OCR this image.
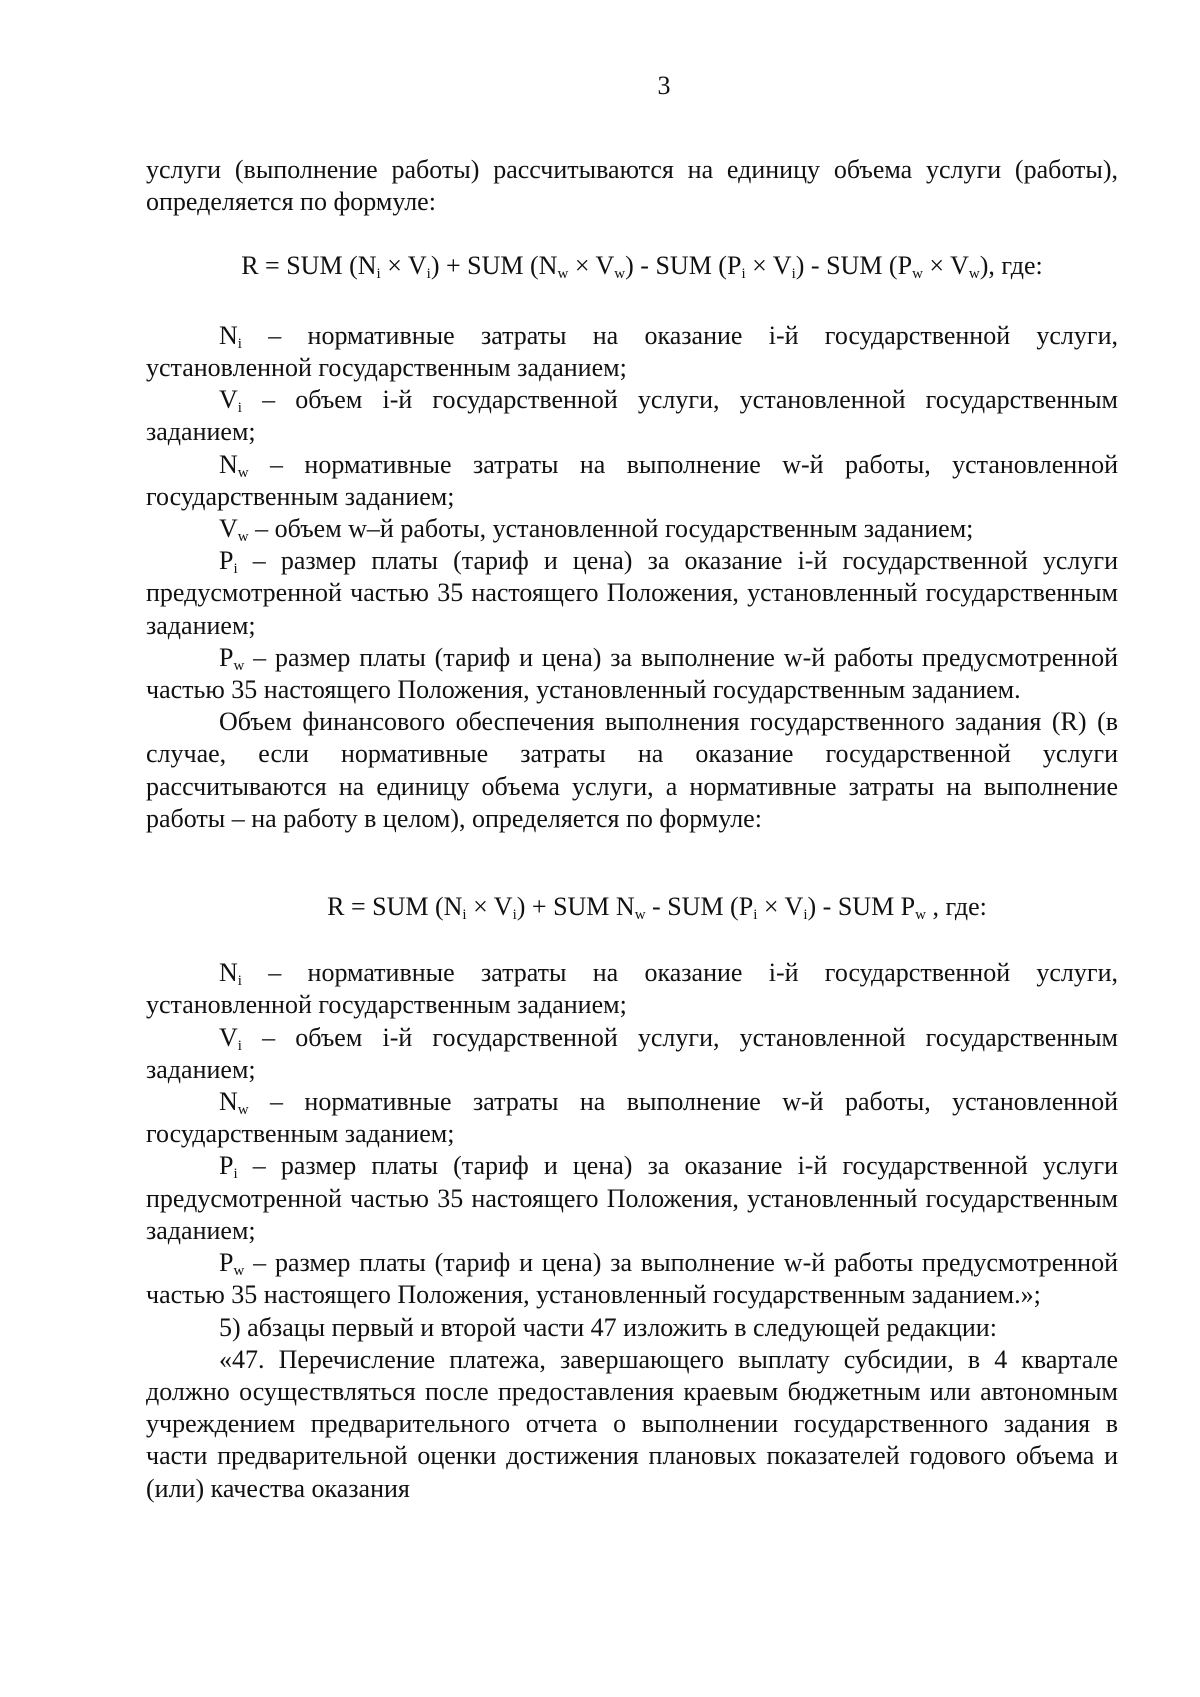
3

услуги (выполнение работы) рассчитываются на единицу объема услуги (работы), определяется по формуле:

R = SUM $(N_i \times V_i)$ + SUM $(N_w \times V_w)$ - SUM $(P_i \times V_i)$ - SUM $(P_w \times V_w)$, где:

$N_i$ – нормативные затраты на оказание i-й государственной услуги, установленной государственным заданием;

$V_i$ – объем i-й государственной услуги, установленной государственным заданием;

$N_w$ – нормативные затраты на выполнение w-й работы, установленной государственным заданием;

$V_w$ – объем w–й работы, установленной государственным заданием;

$P_i$ – размер платы (тариф и цена) за оказание i-й государственной услуги предусмотренной частью 35 настоящего Положения, установленный государственным заданием;

$P_w$ – размер платы (тариф и цена) за выполнение w-й работы предусмотренной частью 35 настоящего Положения, установленный государственным заданием.

Объем финансового обеспечения выполнения государственного задания (R) (в случае, если нормативные затраты на оказание государственной услуги рассчитываются на единицу объема услуги, а нормативные затраты на выполнение работы – на работу в целом), определяется по формуле:

R = SUM $(N_i \times V_i)$ + SUM $N_w$ - SUM $(P_i \times V_i)$ - SUM $P_w$ , где:

$N_i$ – нормативные затраты на оказание i-й государственной услуги, установленной государственным заданием;

$V_i$ – объем i-й государственной услуги, установленной государственным заданием;

$N_w$ – нормативные затраты на выполнение w-й работы, установленной государственным заданием;

$P_i$ – размер платы (тариф и цена) за оказание i-й государственной услуги предусмотренной частью 35 настоящего Положения, установленный государственным заданием;

$P_w$ – размер платы (тариф и цена) за выполнение w-й работы предусмотренной частью 35 настоящего Положения, установленный государственным заданием.»;

5) абзацы первый и второй части 47 изложить в следующей редакции:

«47. Перечисление платежа, завершающего выплату субсидии, в 4 квартале должно осуществляться после предоставления краевым бюджетным или автономным учреждением предварительного отчета о выполнении государственного задания в части предварительной оценки достижения плановых показателей годового объема и (или) качества оказания
